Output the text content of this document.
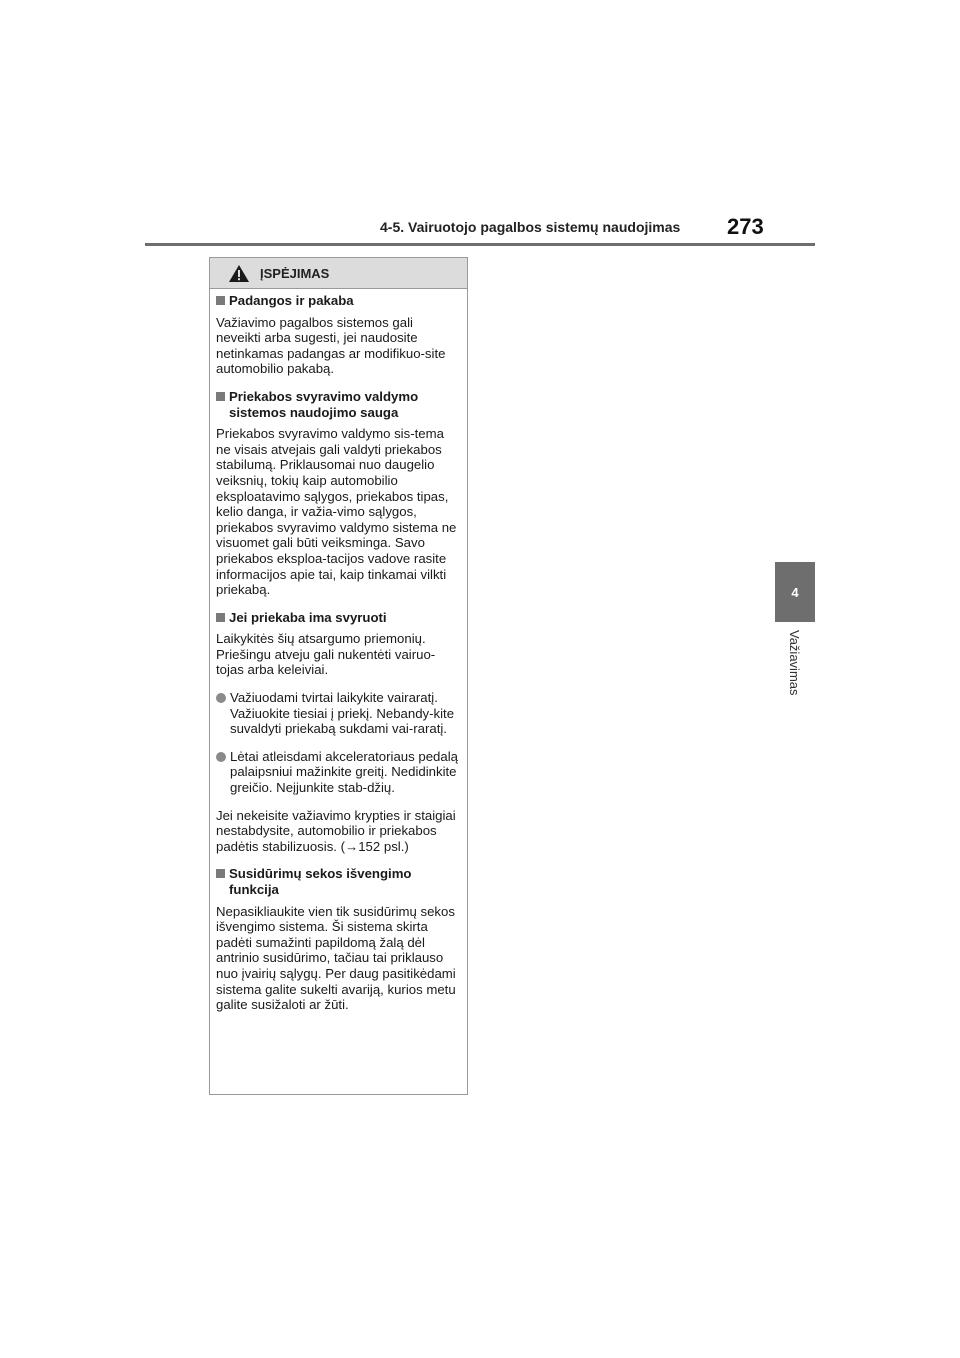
4-5. Vairuotojo pagalbos sistemų naudojimas 273
4
Važiavimas
ĮSPĖJIMAS
Padangos ir pakaba
Važiavimo pagalbos sistemos gali neveikti arba sugesti, jei naudosite netinkamas padangas ar modifikuo-site automobilio pakabą.
Priekabos svyravimo valdymo sistemos naudojimo sauga
Priekabos svyravimo valdymo sis-tema ne visais atvejais gali valdyti priekabos stabilumą. Priklausomai nuo daugelio veiksnių, tokių kaip automobilio eksploatavimo sąlygos, priekabos tipas, kelio danga, ir važia-vimo sąlygos, priekabos svyravimo valdymo sistema ne visuomet gali būti veiksminga. Savo priekabos eksploa-tacijos vadove rasite informacijos apie tai, kaip tinkamai vilkti priekabą.
Jei priekaba ima svyruoti
Laikykitės šių atsargumo priemonių. Priešingu atveju gali nukentėti vairuo-tojas arba keleiviai.
Važiuodami tvirtai laikykite vairaratį. Važiuokite tiesiai į priekį. Nebandy-kite suvaldyti priekabą sukdami vai-raratį.
Lėtai atleisdami akceleratoriaus pedalą palaipsniui mažinkite greitį. Nedidinkite greičio. Neįjunkite stab-džių.
Jei nekeisite važiavimo krypties ir staigiai nestabdysite, automobilio ir priekabos padėtis stabilizuosis. (→152 psl.)
Susidūrimų sekos išvengimo funkcija
Nepasikliaukite vien tik susidūrimų sekos išvengimo sistema. Ši sistema skirta padėti sumažinti papildomą žalą dėl antrinio susidūrimo, tačiau tai priklauso nuo įvairių sąlygų. Per daug pasitikėdami sistema galite sukelti avariją, kurios metu galite susižaloti ar žūti.
